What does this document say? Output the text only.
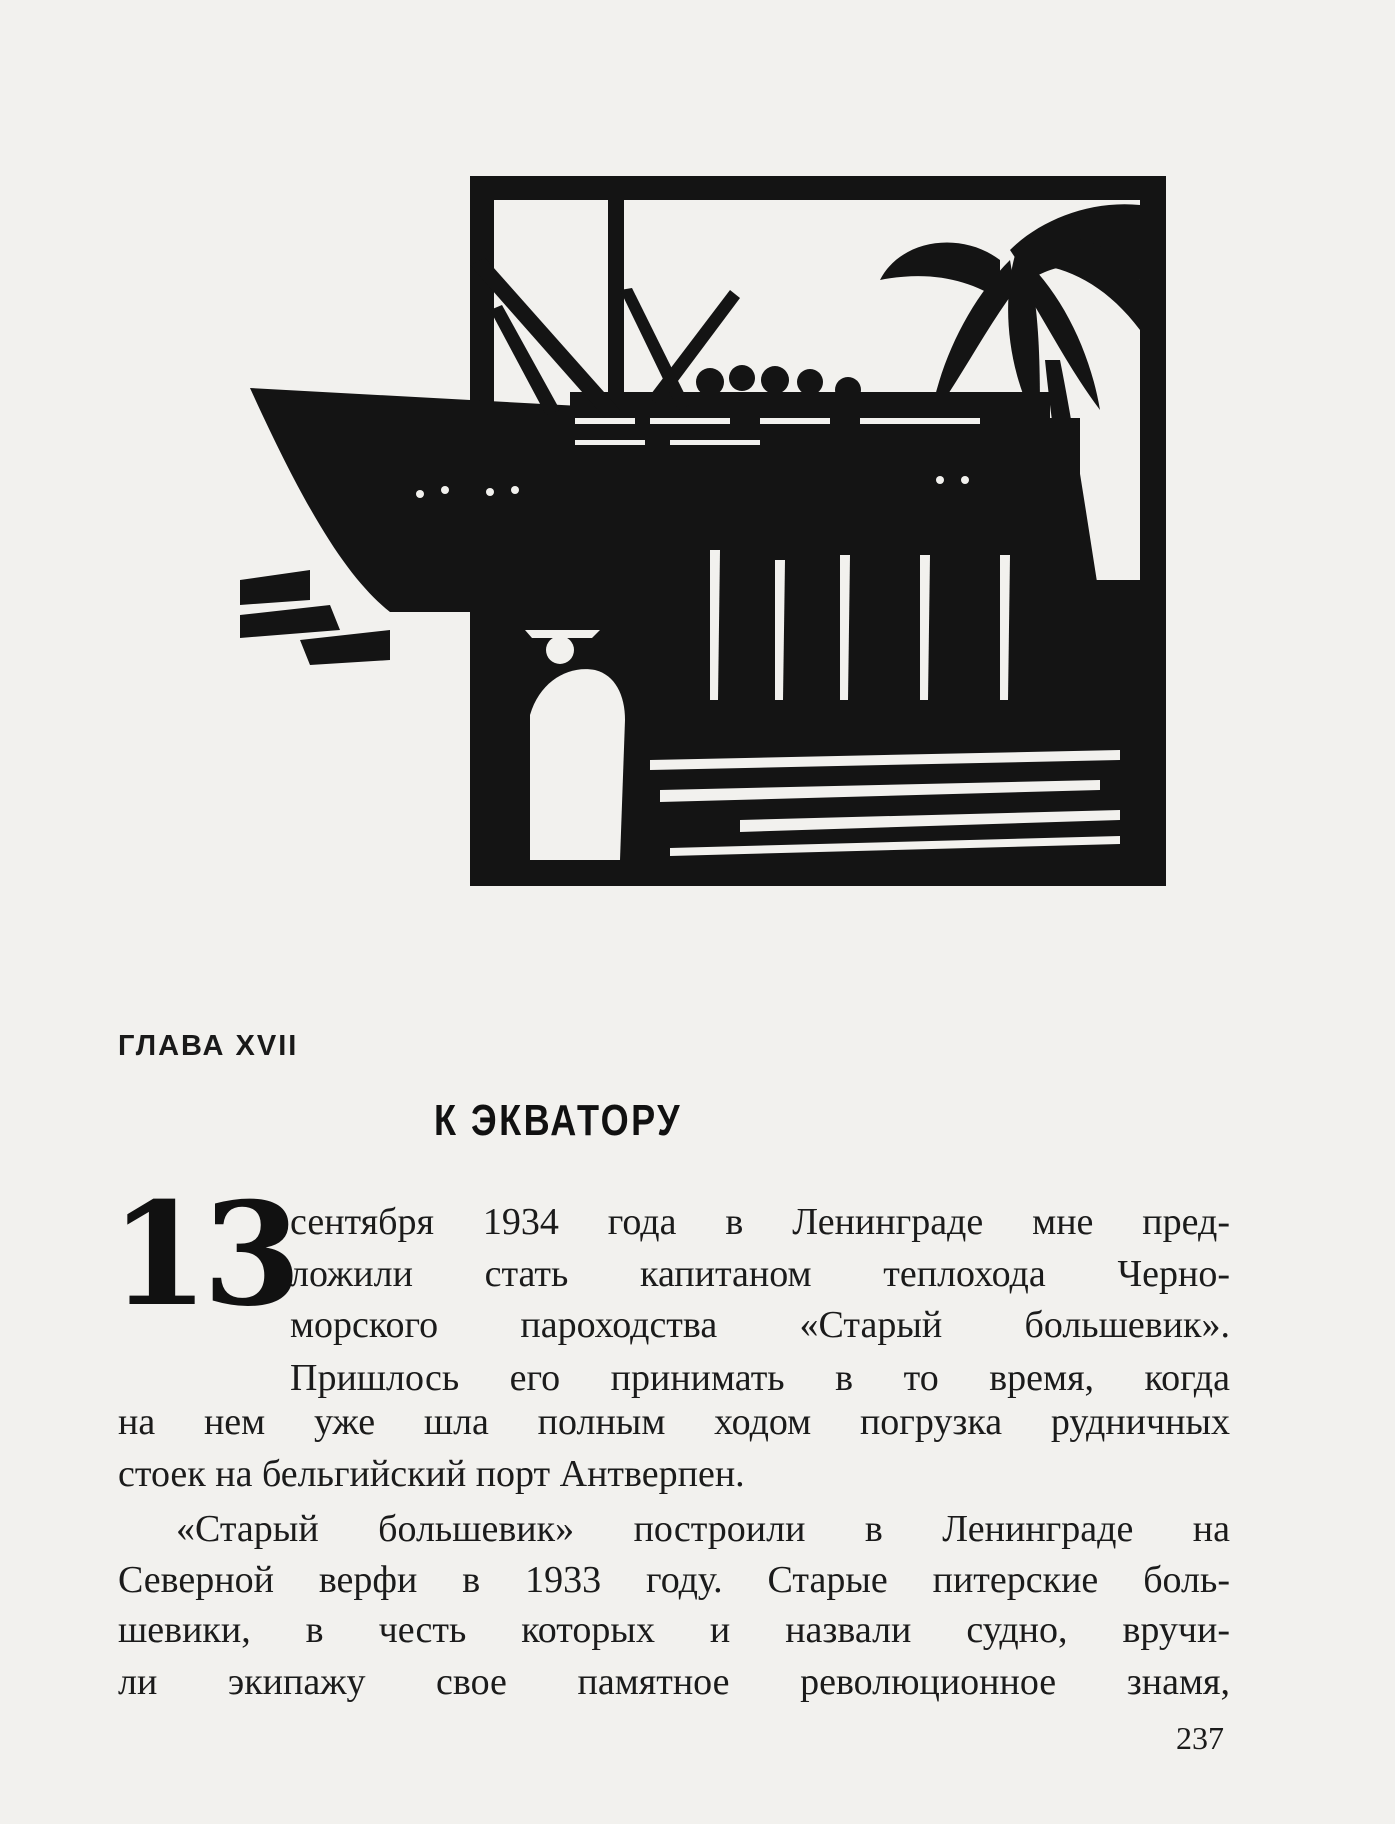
ГЛАВА XVII
К ЭКВАТОРУ
13
сентября 1934 года в Ленинграде мне пред-
ложили стать капитаном теплохода Черно-
морского пароходства «Старый большевик».
Пришлось его принимать в то время, когда
на нем уже шла полным ходом погрузка рудничных
стоек на бельгийский порт Антверпен.
«Старый большевик» построили в Ленинграде на
Северной верфи в 1933 году. Старые питерские боль-
шевики, в честь которых и назвали судно, вручи-
ли экипажу свое памятное революционное знамя,
237
